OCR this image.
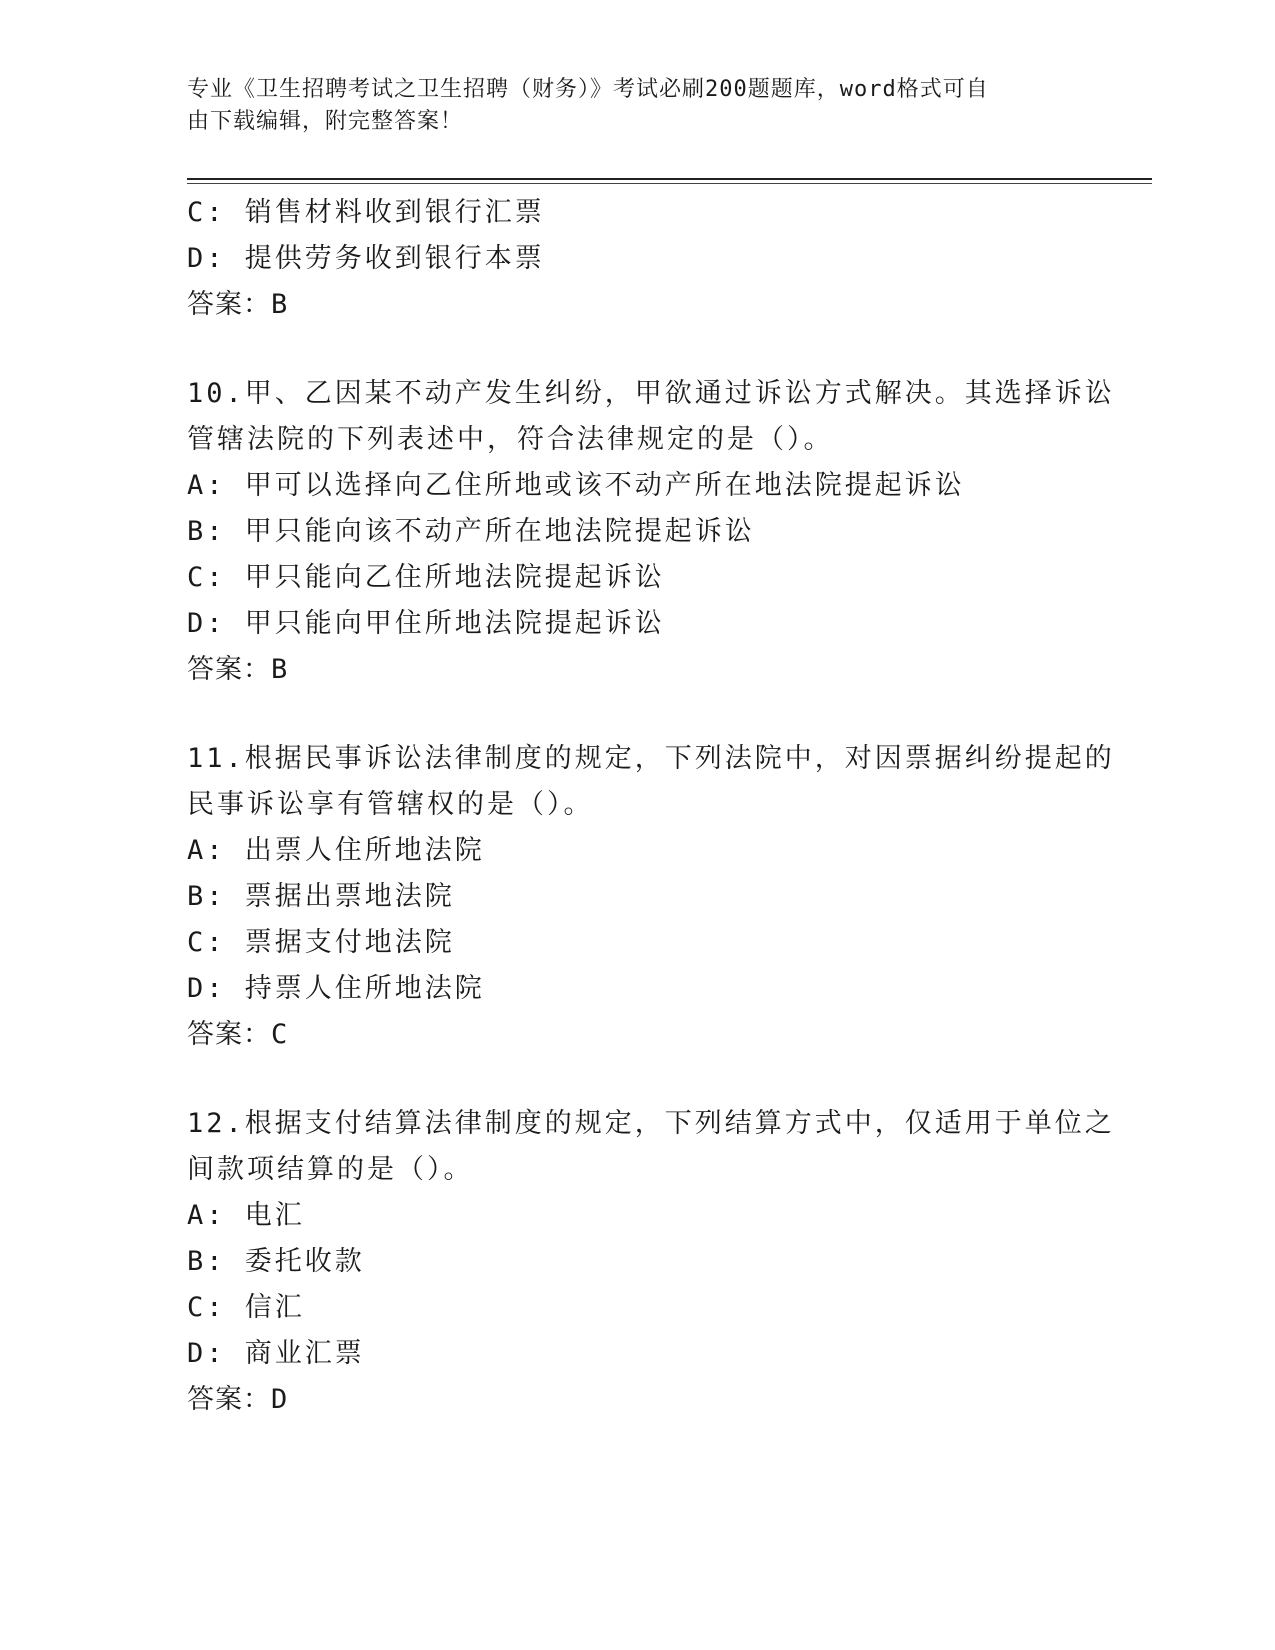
专业《卫生招聘考试之卫生招聘（财务）》考试必刷200题题库，word格式可自
由下载编辑，附完整答案！
C: 销售材料收到银行汇票
D: 提供劳务收到银行本票
答案：B
10.甲、乙因某不动产发生纠纷，甲欲通过诉讼方式解决。其选择诉讼
管辖法院的下列表述中，符合法律规定的是（）。
A: 甲可以选择向乙住所地或该不动产所在地法院提起诉讼
B: 甲只能向该不动产所在地法院提起诉讼
C: 甲只能向乙住所地法院提起诉讼
D: 甲只能向甲住所地法院提起诉讼
答案：B
11.根据民事诉讼法律制度的规定，下列法院中，对因票据纠纷提起的
民事诉讼享有管辖权的是（）。
A: 出票人住所地法院
B: 票据出票地法院
C: 票据支付地法院
D: 持票人住所地法院
答案：C
12.根据支付结算法律制度的规定，下列结算方式中，仅适用于单位之
间款项结算的是（）。
A: 电汇
B: 委托收款
C: 信汇
D: 商业汇票
答案：D
